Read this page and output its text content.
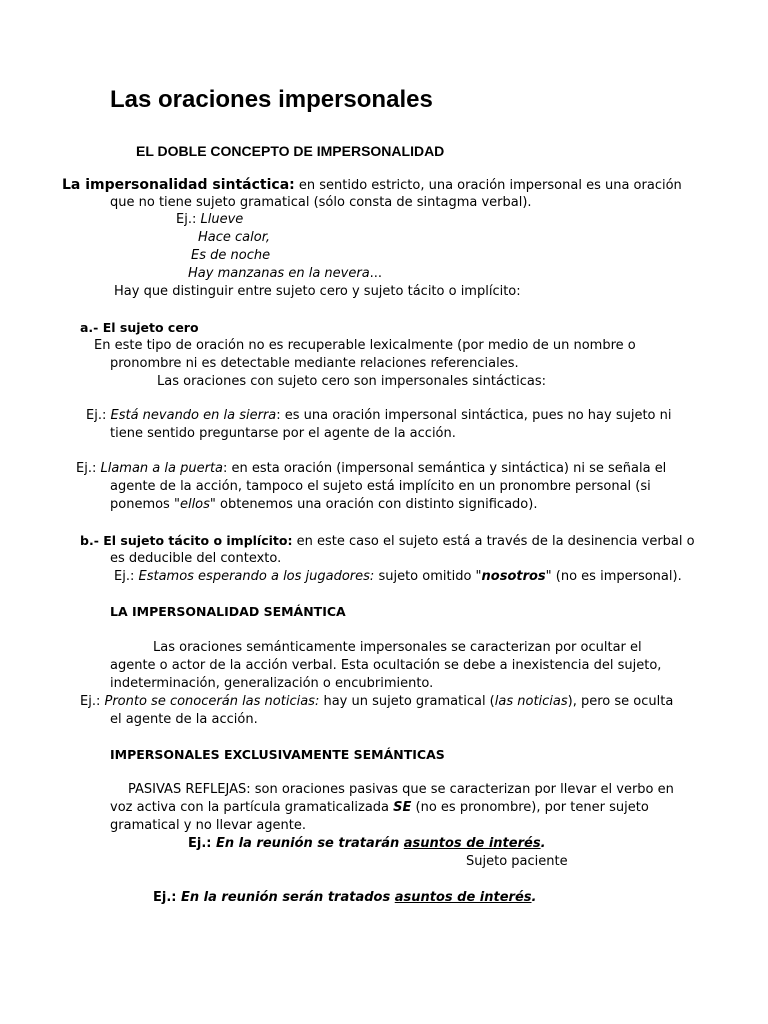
Las oraciones impersonales
EL DOBLE CONCEPTO DE IMPERSONALIDAD
La impersonalidad sintáctica: en sentido estricto, una oración impersonal es una oración
que no tiene sujeto gramatical (sólo consta de sintagma verbal).
Ej.: Llueve
Hace calor,
Es de noche
Hay manzanas en la nevera...
Hay que distinguir entre sujeto cero y sujeto tácito o implícito:
a.- El sujeto cero
En este tipo de oración no es recuperable lexicalmente (por medio de un nombre o
pronombre ni es detectable mediante relaciones referenciales.
Las oraciones con sujeto cero son impersonales sintácticas:
Ej.: Está nevando en la sierra: es una oración impersonal sintáctica, pues no hay sujeto ni
tiene sentido preguntarse por el agente de la acción.
Ej.: Llaman a la puerta: en esta oración (impersonal semántica y sintáctica) ni se señala el
agente de la acción, tampoco el sujeto está implícito en un pronombre personal (si
ponemos "ellos" obtenemos una oración con distinto significado).
b.- El sujeto tácito o implícito: en este caso el sujeto está a través de la desinencia verbal o
es deducible del contexto.
Ej.: Estamos esperando a los jugadores: sujeto omitido "nosotros" (no es impersonal).
LA IMPERSONALIDAD SEMÁNTICA
Las oraciones semánticamente impersonales se caracterizan por ocultar el
agente o actor de la acción verbal. Esta ocultación se debe a inexistencia del sujeto,
indeterminación, generalización o encubrimiento.
Ej.: Pronto se conocerán las noticias: hay un sujeto gramatical (las noticias), pero se oculta
el agente de la acción.
IMPERSONALES EXCLUSIVAMENTE SEMÁNTICAS
PASIVAS REFLEJAS: son oraciones pasivas que se caracterizan por llevar el verbo en
voz activa con la partícula gramaticalizada SE (no es pronombre), por tener sujeto
gramatical y no llevar agente.
Ej.: En la reunión se tratarán asuntos de interés.
Sujeto paciente
Ej.: En la reunión serán tratados asuntos de interés.
